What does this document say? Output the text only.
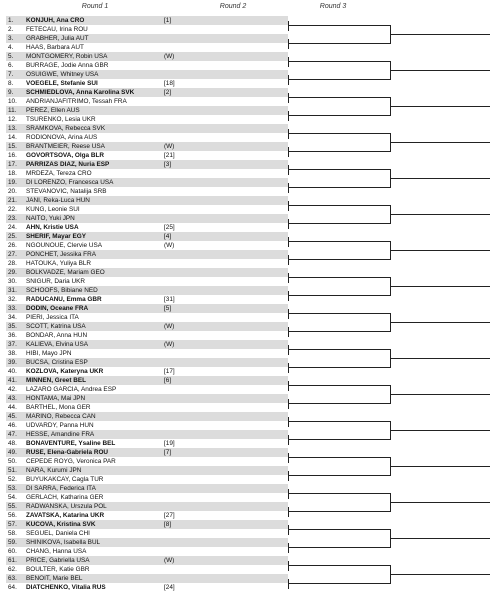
Round 1	Round 2	Round 3
1.	KONJUH, Ana CRO	[1]
2.	FETECAU, Irina ROU
3.	GRABHER, Julia AUT
4.	HAAS, Barbara AUT
5.	MONTGOMERY, Robin USA	(W)
6.	BURRAGE, Jodie Anna GBR
7.	OSUIGWE, Whitney USA
8.	VOEGELE, Stefanie SUI	[18]
9.	SCHMIEDLOVA, Anna Karolina SVK	[2]
10.	ANDRIANJAFITRIMO, Tessah FRA
11.	PEREZ, Ellen AUS
12.	TSURENKO, Lesia UKR
13.	SRAMKOVA, Rebecca SVK
14.	RODIONOVA, Arina AUS
15.	BRANTMEIER, Reese USA	(W)
16.	GOVORTSOVA, Olga BLR	[21]
17.	PARRIZAS DIAZ, Nuria ESP	[3]
18.	MRDEZA, Tereza CRO
19.	DI LORENZO, Francesca USA
20.	STEVANOVIC, Natalija SRB
21.	JANI, Reka-Luca HUN
22.	KUNG, Leonie SUI
23.	NAITO, Yuki JPN
24.	AHN, Kristie USA	[25]
25.	SHERIF, Mayar EGY	[4]
26.	NGOUNOUE, Clervie USA	(W)
27.	PONCHET, Jessika FRA
28.	HATOUKA, Yuliya BLR
29.	BOLKVADZE, Mariam GEO
30.	SNIGUR, Daria UKR
31.	SCHOOFS, Bibiane NED
32.	RADUCANU, Emma GBR	[31]
33.	DODIN, Oceane FRA	[5]
34.	PIERI, Jessica ITA
35.	SCOTT, Katrina USA	(W)
36.	BONDAR, Anna HUN
37.	KALIEVA, Elvina USA	(W)
38.	HIBI, Mayo JPN
39.	BUCSA, Cristina ESP
40.	KOZLOVA, Kateryna UKR	[17]
41.	MINNEN, Greet BEL	[6]
42.	LAZARO GARCIA, Andrea ESP
43.	HONTAMA, Mai JPN
44.	BARTHEL, Mona GER
45.	MARINO, Rebecca CAN
46.	UDVARDY, Panna HUN
47.	HESSE, Amandine FRA
48.	BONAVENTURE, Ysaline BEL	[19]
49.	RUSE, Elena-Gabriela ROU	[7]
50.	CEPEDE ROYG, Veronica PAR
51.	NARA, Kurumi JPN
52.	BUYUKAKCAY, Cagla TUR
53.	DI SARRA, Federica ITA
54.	GERLACH, Katharina GER
55.	RADWANSKA, Urszula POL
56.	ZAVATSKA, Katarina UKR	[27]
57.	KUCOVA, Kristina SVK	[8]
58.	SEGUEL, Daniela CHI
59.	SHINIKOVA, Isabella BUL
60.	CHANG, Hanna USA
61.	PRICE, Gabriella USA	(W)
62.	BOULTER, Katie GBR
63.	BENOIT, Marie BEL
64.	DIATCHENKO, Vitalia RUS	[24]
